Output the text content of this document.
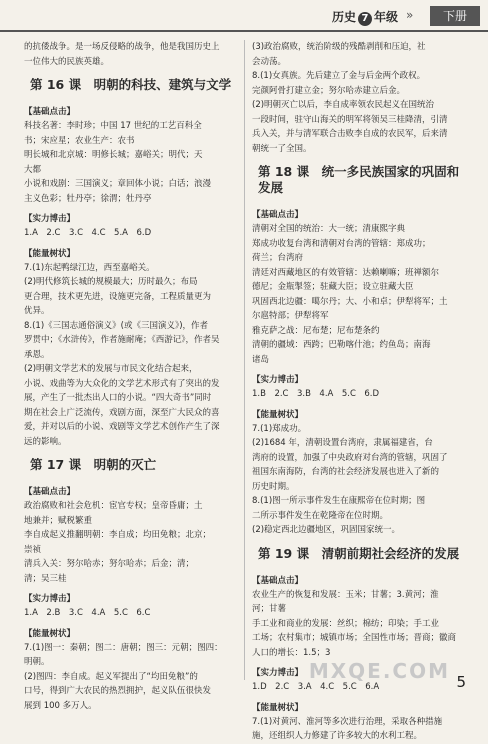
历史 7 年级 »	下册

的抗倭战争。是一场反侵略的战争，他是我国历史上

一位伟大的民族英雄。

第 16 课　明朝的科技、建筑与文学
【基础点击】

科技名著：李时珍；中国 17 世纪的工艺百科全

书；宋应星；农业生产：农书

明长城和北京城：明修长城；嘉峪关；明代；天

大都

小说和戏剧：三国演义；章回体小说；白话；浪漫

主义色彩；牡丹亭；徐渭；牡丹亭

【实力博击】

1.A　2.C　3.C　4.C　5.A　6.D

【能量树状】

7.(1)东起鸭绿江边，西至嘉峪关。

(2)明代修筑长城的规模最大；历时最久；布局

更合理，技术更先进，设施更完备，工程质量更为

优异。

8.(1)《三国志通俗演义》(或《三国演义》)，作者

罗贯中；《水浒传》，作者施耐庵；《西游记》，作者吴

承恩。

(2)明朝文学艺术的发展与市民文化结合起来，

小说、戏曲等为大众化的文学艺术形式有了突出的发

展，产生了一批杰出人口的小说。“四大奇书”同时

期在社会上广泛流传，戏剧方面，深至广大民众的喜

爱，并对以后的小说、戏剧等文学艺术创作产生了深

远的影响。

第 17 课　明朝的灭亡
【基础点击】

政治腐败和社会危机：宦官专权；皇帝昏庸；土

地兼并；赋税繁重

李自成起义推翻明朝：李自成；均田免粮；北京；

崇祯

清兵入关：努尔哈赤；努尔哈赤；后金；清；

清；吴三桂

【实力博击】

1.A　2.B　3.C　4.A　5.C　6.C

【能量树状】

7.(1)图一：秦朝；图二：唐朝；图三：元朝；图四：

明朝。

(2)图四：李自成。起义军提出了“均田免粮”的

口号，得到广大农民的热烈拥护，起义队伍很快发

展到 100 多万人。

(3)政治腐败，统治阶级的残酷剥削和压迫，社

会动荡。

8.(1)女真族。先后建立了金与后金两个政权。

完颜阿骨打建立金；努尔哈赤建立后金。

(2)明朝灭亡以后，李自成率领农民起义在国统治

一段时间，驻守山海关的明军将领吴三桂降清，引清

兵入关，并与清军联合击败李自成的农民军，后来清

朝统一了全国。

第 18 课　统一多民族国家的巩固和发展
【基础点击】

清朝对全国的统治：大一统；清康熙字典

郑成功收复台湾和清朝对台湾的管辖：郑成功；

荷兰；台湾府

清廷对西藏地区的有效管辖：达赖喇嘛；班禅额尔

德尼；金瓶掣签；驻藏大臣；设立驻藏大臣

巩固西北边疆：噶尔丹；大、小和卓；伊犁将军；土

尔扈特部；伊犁将军

雅克萨之战：尼布楚；尼布楚条约

清朝的疆域：西跨；巴勒喀什池；约鱼岛；南海

诸岛

【实力博击】

1.B　2.C　3.B　4.A　5.C　6.D

【能量树状】

7.(1)郑成功。

(2)1684 年，清朝设置台湾府，隶属福建省，台

湾府的设置，加强了中央政府对台湾的管辖，巩固了

祖国东南海防，台湾的社会经济发展也进入了新的

历史时期。

8.(1)图一所示事件发生在康熙帝在位时期；图

二所示事件发生在乾隆帝在位时期。

(2)稳定西北边疆地区，巩固国家统一。

第 19 课　清朝前期社会经济的发展
【基础点击】

农业生产的恢复和发展：玉米；甘薯；3.黄河；淮

河；甘薯

手工业和商业的发展：丝织；棉纺；印染；手工业

工场；农村集市；城镇市场；全国性市场；晋商；徽商

人口的增长：1.5；3

【实力博击】

1.D　2.C　3.A　4.C　5.C　6.A

【能量树状】

7.(1)对黄河、淮河等多次进行治理，采取各种措施

施，还组织人力修建了许多较大的水利工程。

MXQE.COM 5
